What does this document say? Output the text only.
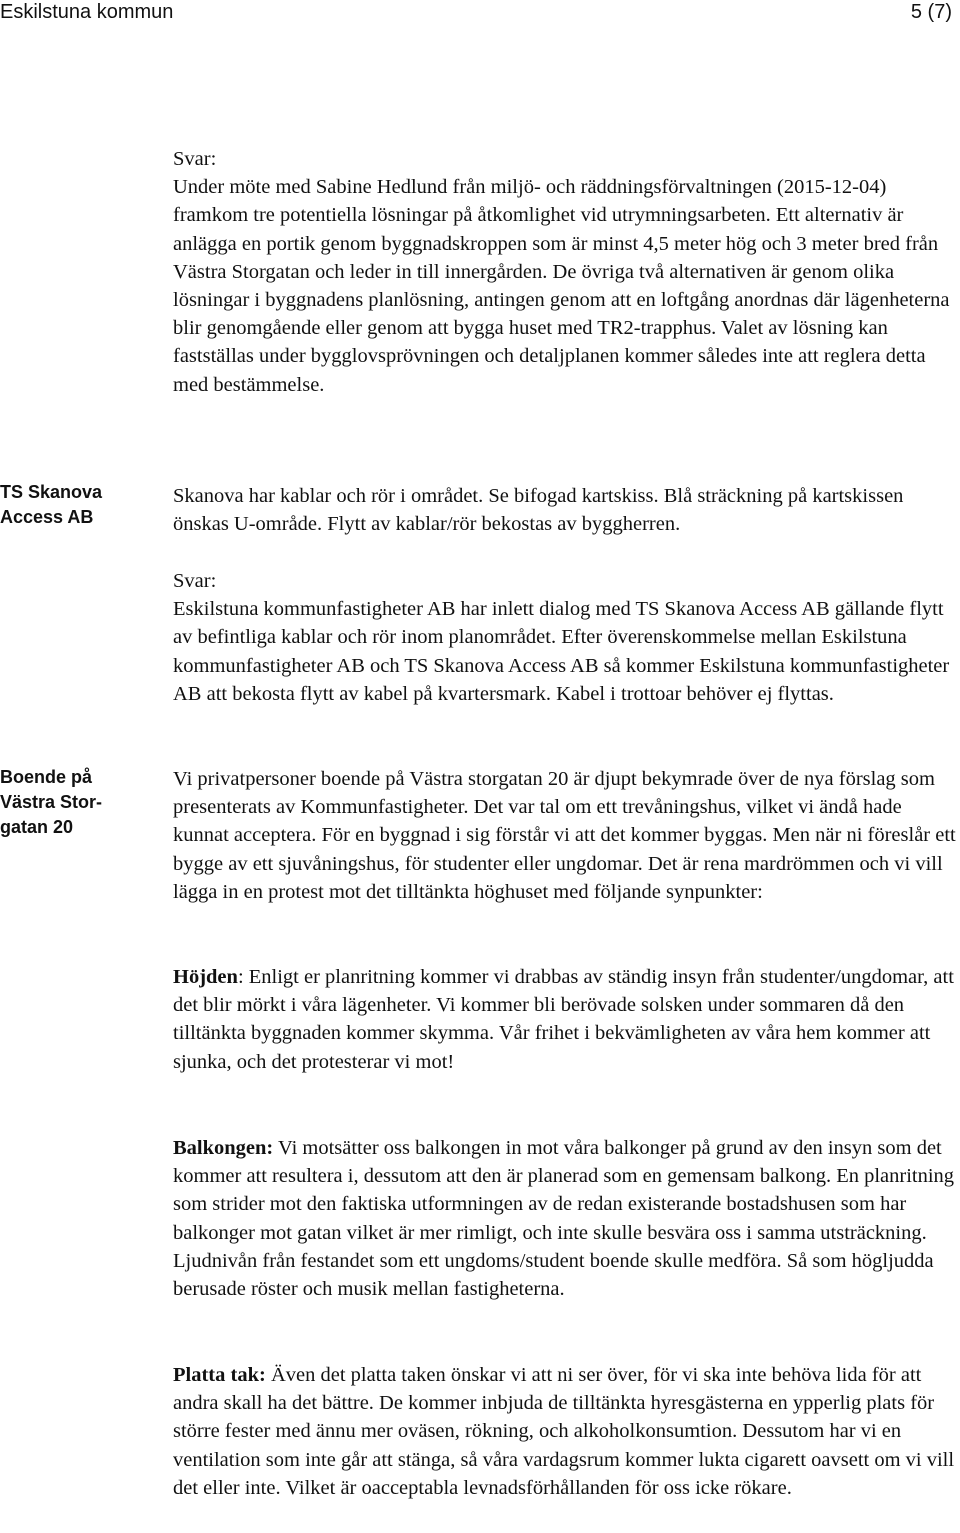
Eskilstuna kommun	5 (7)

Svar:

Under möte med Sabine Hedlund från miljö- och räddningsförvaltningen (2015-12-04) framkom tre potentiella lösningar på åtkomlighet vid utrymningsarbeten. Ett alternativ är anlägga en portik genom byggnadskroppen som är minst 4,5 meter hög och 3 meter bred från Västra Storgatan och leder in till innergården. De övriga två alternativen är genom olika lösningar i byggnadens planlösning, antingen genom att en loftgång anordnas där lägenheterna blir genomgående eller genom att bygga huset med TR2-trapphus. Valet av lösning kan fastställas under bygglovsprövningen och detaljplanen kommer således inte att reglera detta med bestämmelse.

TS Skanova
Access AB

Skanova har kablar och rör i området. Se bifogad kartskiss. Blå sträckning på kartskissen önskas U-område. Flytt av kablar/rör bekostas av byggherren.

Svar:

Eskilstuna kommunfastigheter AB har inlett dialog med TS Skanova Access AB gällande flytt av befintliga kablar och rör inom planområdet. Efter överenskommelse mellan Eskilstuna kommunfastigheter AB och TS Skanova Access AB så kommer Eskilstuna kommunfastigheter AB att bekosta flytt av kabel på kvartersmark. Kabel i trottoar behöver ej flyttas.

Boende på
Västra Stor-
gatan 20

Vi privatpersoner boende på Västra storgatan 20 är djupt bekymrade över de nya förslag som presenterats av Kommunfastigheter. Det var tal om ett trevåningshus, vilket vi ändå hade kunnat acceptera. För en byggnad i sig förstår vi att det kommer byggas. Men när ni föreslår ett bygge av ett sjuvåningshus, för studenter eller ungdomar. Det är rena mardrömmen och vi vill lägga in en protest mot det tilltänkta höghuset med följande synpunkter:

Höjden: Enligt er planritning kommer vi drabbas av ständig insyn från studenter/ungdomar, att det blir mörkt i våra lägenheter. Vi kommer bli berövade solsken under sommaren då den tilltänkta byggnaden kommer skymma. Vår frihet i bekvämligheten av våra hem kommer att sjunka, och det protesterar vi mot!

Balkongen: Vi motsätter oss balkongen in mot våra balkonger på grund av den insyn som det kommer att resultera i, dessutom att den är planerad som en gemensam balkong. En planritning som strider mot den faktiska utformningen av de redan existerande bostadshusen som har balkonger mot gatan vilket är mer rimligt, och inte skulle besvära oss i samma utsträckning. Ljudnivån från festandet som ett ungdoms/student boende skulle medföra. Så som högljudda berusade röster och musik mellan fastigheterna.

Platta tak: Även det platta taken önskar vi att ni ser över, för vi ska inte behöva lida för att andra skall ha det bättre. De kommer inbjuda de tilltänkta hyresgästerna en ypperlig plats för större fester med ännu mer oväsen, rökning, och alkoholkonsumtion. Dessutom har vi en ventilation som inte går att stänga, så våra vardagsrum kommer lukta cigarett oavsett om vi vill det eller inte. Vilket är oacceptabla levnadsförhållanden för oss icke rökare.
